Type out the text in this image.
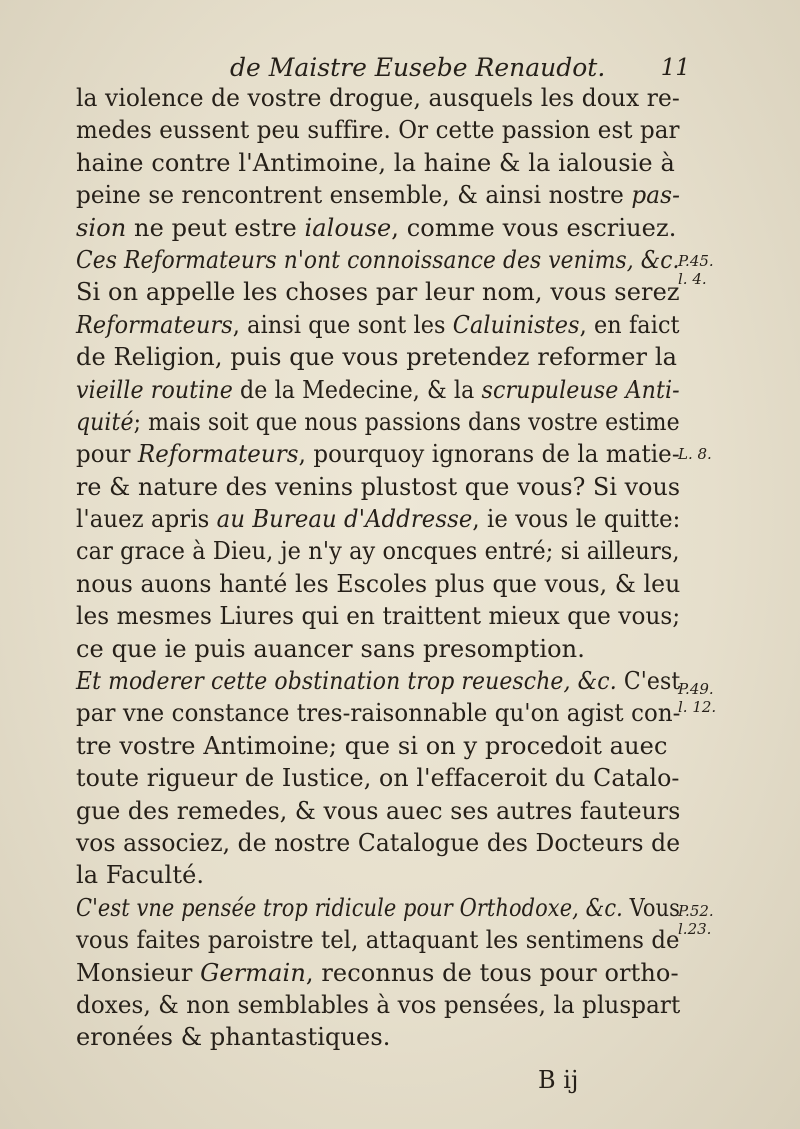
de Maistre Eusebe Renaudot. 11
la violence de vostre drogue, ausquels les doux re-
medes eussent peu suffire. Or cette passion est par
haine contre l'Antimoine, la haine & la ialousie à
peine se rencontrent ensemble, & ainsi nostre pas-
sion ne peut estre ialouse, comme vous escriuez.
Ces Reformateurs n'ont connoissance des venims, &c.
Si on appelle les choses par leur nom, vous serez
Reformateurs, ainsi que sont les Caluinistes, en faict
de Religion, puis que vous pretendez reformer la
vieille routine de la Medecine, & la scrupuleuse Anti-
quité; mais soit que nous passions dans vostre estime
pour Reformateurs, pourquoy ignorans de la matie-
re & nature des venins plustost que vous? Si vous
l'auez apris au Bureau d'Addresse, ie vous le quitte:
car grace à Dieu, je n'y ay oncques entré; si ailleurs,
nous auons hanté les Escoles plus que vous, & leu
les mesmes Liures qui en traittent mieux que vous;
ce que ie puis auancer sans presomption.
Et moderer cette obstination trop reuesche, &c. C'est
par vne constance tres-raisonnable qu'on agist con-
tre vostre Antimoine; que si on y procedoit auec
toute rigueur de Iustice, on l'effaceroit du Catalo-
gue des remedes, & vous auec ses autres fauteurs
vos associez, de nostre Catalogue des Docteurs de
la Faculté.
C'est vne pensée trop ridicule pour Orthodoxe, &c. Vous
vous faites paroistre tel, attaquant les sentimens de
Monsieur Germain, reconnus de tous pour ortho-
doxes, & non semblables à vos pensées, la pluspart
eronées & phantastiques.
P.45.
l. 4.
L. 8.
P.49.
l. 12.
P.52.
l.23.
B ij
